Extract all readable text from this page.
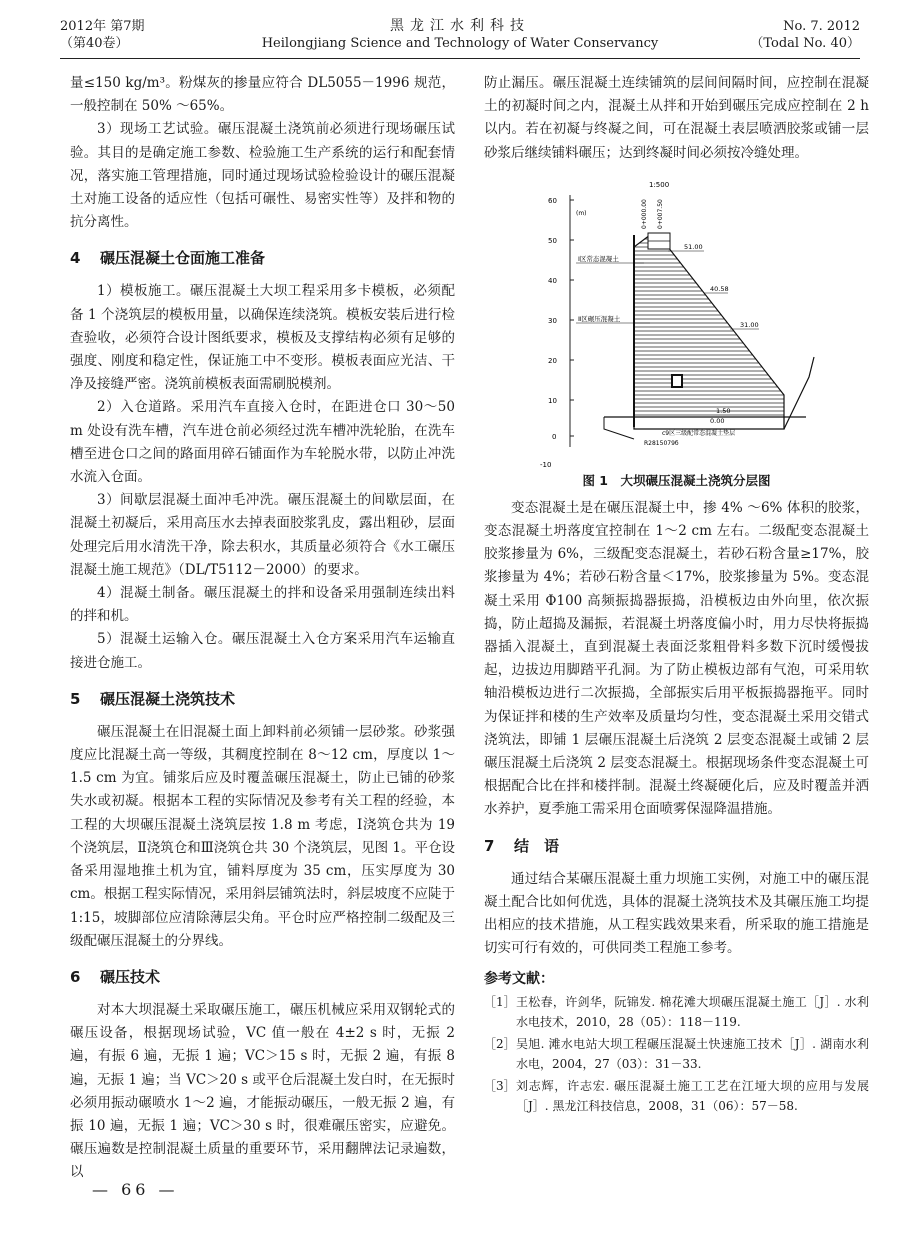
2012年 第7期
（第40卷）
黑龙江水利科技
Heilongjiang Science and Technology of Water Conservancy
No. 7. 2012
（Todal No. 40）

量≤150 kg/m³。粉煤灰的掺量应符合 DL5055－1996 规范，一般控制在 50% ～65%。

3）现场工艺试验。碾压混凝土浇筑前必须进行现场碾压试验。其目的是确定施工参数、检验施工生产系统的运行和配套情况，落实施工管理措施，同时通过现场试验检验设计的碾压混凝土对施工设备的适应性（包括可碾性、易密实性等）及拌和物的抗分离性。

4 碾压混凝土仓面施工准备

1）模板施工。碾压混凝土大坝工程采用多卡模板，必须配备 1 个浇筑层的模板用量，以确保连续浇筑。模板安装后进行检查验收，必须符合设计图纸要求，模板及支撑结构必须有足够的强度、刚度和稳定性，保证施工中不变形。模板表面应光洁、干净及接缝严密。浇筑前模板表面需刷脱模剂。

2）入仓道路。采用汽车直接入仓时，在距进仓口 30～50 m 处设有洗车槽，汽车进仓前必须经过洗车槽冲洗轮胎，在洗车槽至进仓口之间的路面用碎石铺面作为车轮脱水带，以防止冲洗水流入仓面。

3）间歇层混凝土面冲毛冲洗。碾压混凝土的间歇层面，在混凝土初凝后，采用高压水去掉表面胶浆乳皮，露出粗砂，层面处理完后用水清洗干净，除去积水，其质量必须符合《水工碾压混凝土施工规范》（DL/T5112－2000）的要求。

4）混凝土制备。碾压混凝土的拌和设备采用强制连续出料的拌和机。

5）混凝土运输入仓。碾压混凝土入仓方案采用汽车运输直接进仓施工。

5 碾压混凝土浇筑技术

碾压混凝土在旧混凝土面上卸料前必须铺一层砂浆。砂浆强度应比混凝土高一等级，其稠度控制在 8～12 cm，厚度以 1～1.5 cm 为宜。铺浆后应及时覆盖碾压混凝土，防止已铺的砂浆失水或初凝。根据本工程的实际情况及参考有关工程的经验，本工程的大坝碾压混凝土浇筑层按 1.8 m 考虑，Ⅰ浇筑仓共为 19 个浇筑层，Ⅱ浇筑仓和Ⅲ浇筑仓共 30 个浇筑层，见图 1。平仓设备采用湿地推土机为宜，铺料厚度为 35 cm，压实厚度为 30 cm。根据工程实际情况，采用斜层铺筑法时，斜层坡度不应陡于 1:15，坡脚部位应清除薄层尖角。平仓时应严格控制二级配及三级配碾压混凝土的分界线。

6 碾压技术

对本大坝混凝土采取碾压施工，碾压机械应采用双钢轮式的碾压设备，根据现场试验，VC 值一般在 4±2 s 时，无振 2 遍，有振 6 遍，无振 1 遍；VC＞15 s 时，无振 2 遍，有振 8 遍，无振 1 遍；当 VC＞20 s 或平仓后混凝土发白时，在无振时必须用振动碾喷水 1～2 遍，才能振动碾压，一般无振 2 遍，有振 10 遍，无振 1 遍；VC＞30 s 时，很难碾压密实，应避免。碾压遍数是控制混凝土质量的重要环节，采用翻牌法记录遍数，以

防止漏压。碾压混凝土连续铺筑的层间间隔时间，应控制在混凝土的初凝时间之内，混凝土从拌和开始到碾压完成应控制在 2 h 以内。若在初凝与终凝之间，可在混凝土表层喷洒胶浆或铺一层砂浆后继续铺料碾压；达到终凝时间必须按冷缝处理。

1:500
(m)
60
50
40
30
20
10
0
-10
0+000.00 0+007.50
Ⅰ区常态混凝土
Ⅱ区碾压混凝土
51.00
40.58
31.00
1.50
0.00
c9区三级配常态混凝土垫层
R2815079б
图 1　 大坝碾压混凝土浇筑分层图

变态混凝土是在碾压混凝土中，掺 4% ～6% 体积的胶浆，变态混凝土坍落度宜控制在 1～2 cm 左右。二级配变态混凝土胶浆掺量为 6%，三级配变态混凝土，若砂石粉含量≥17%，胶浆掺量为 4%；若砂石粉含量＜17%，胶浆掺量为 5%。变态混凝土采用 Φ100 高频振捣器振捣，沿模板边由外向里，依次振捣，防止超捣及漏振，若混凝土坍落度偏小时，用力尽快将振捣器插入混凝土，直到混凝土表面泛浆粗骨料多数下沉时缓慢拔起，边拔边用脚踏平孔洞。为了防止模板边部有气泡，可采用软轴沿模板边进行二次振捣，全部振实后用平板振捣器拖平。同时为保证拌和楼的生产效率及质量均匀性，变态混凝土采用交错式浇筑法，即铺 1 层碾压混凝土后浇筑 2 层变态混凝土或铺 2 层碾压混凝土后浇筑 2 层变态混凝土。根据现场条件变态混凝土可根据配合比在拌和楼拌制。混凝土终凝硬化后，应及时覆盖并洒水养护，夏季施工需采用仓面喷雾保湿降温措施。

7 结　语

通过结合某碾压混凝土重力坝施工实例，对施工中的碾压混凝土配合比如何优选，具体的混凝土浇筑技术及其碾压施工均提出相应的技术措施，从工程实践效果来看，所采取的施工措施是切实可行有效的，可供同类工程施工参考。

参考文献：
［1］ 王松春，许剑华，阮锦发. 棉花滩大坝碾压混凝土施工［J］. 水利水电技术，2010，28（05）：118－119.
［2］ 吴旭. 滩水电站大坝工程碾压混凝土快速施工技术［J］. 湖南水利水电，2004，27（03）：31－33.
［3］ 刘志辉，许志宏. 碾压混凝土施工工艺在江垭大坝的应用与发展［J］. 黑龙江科技信息，2008，31（06）：57－58.
— 66 —
